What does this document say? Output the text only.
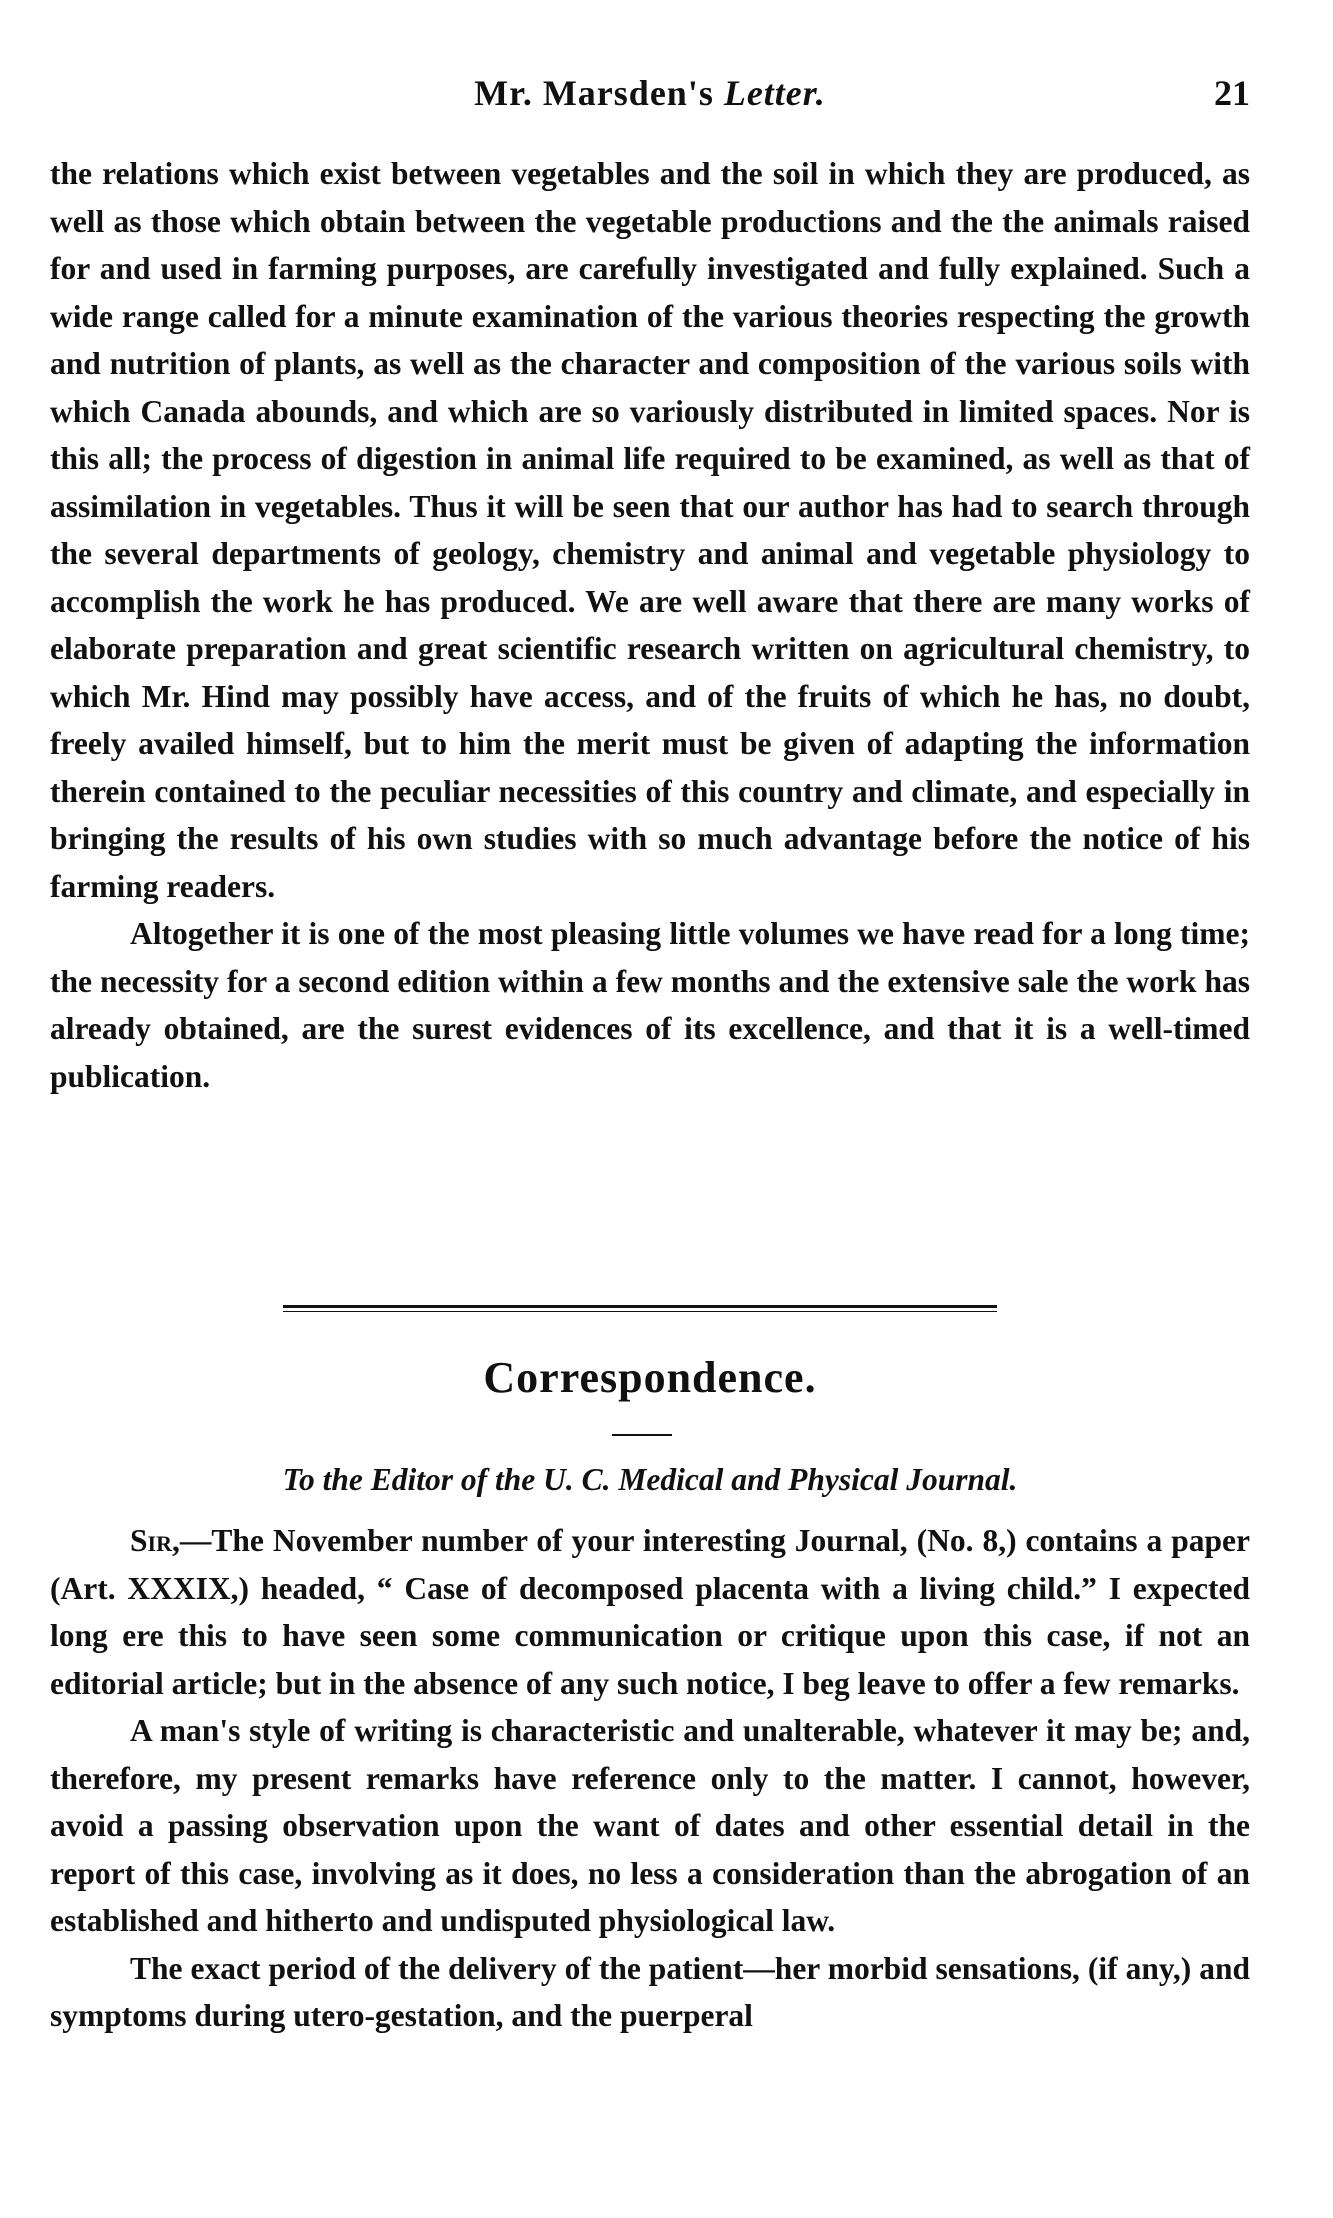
Mr. Marsden's Letter.	21

the relations which exist between vegetables and the soil in which they are produced, as well as those which obtain between the vegetable productions and the the animals raised for and used in farming purposes, are carefully investigated and fully explained. Such a wide range called for a minute examination of the various theories respecting the growth and nutrition of plants, as well as the character and composition of the various soils with which Canada abounds, and which are so variously distributed in limited spaces. Nor is this all; the process of digestion in animal life required to be examined, as well as that of assimilation in vegetables. Thus it will be seen that our author has had to search through the several departments of geology, chemistry and animal and vegetable physiology to accomplish the work he has produced. We are well aware that there are many works of elaborate preparation and great scientific research written on agricultural chemistry, to which Mr. Hind may possibly have access, and of the fruits of which he has, no doubt, freely availed himself, but to him the merit must be given of adapting the information therein contained to the peculiar necessities of this country and climate, and especially in bringing the results of his own studies with so much advantage before the notice of his farming readers.

Altogether it is one of the most pleasing little volumes we have read for a long time; the necessity for a second edition within a few months and the extensive sale the work has already obtained, are the surest evidences of its excellence, and that it is a well-timed publication.

Correspondence.
To the Editor of the U. C. Medical and Physical Journal.

Sir,—The November number of your interesting Journal, (No. 8,) contains a paper (Art. XXXIX,) headed, “ Case of decomposed placenta with a living child.” I expected long ere this to have seen some communication or critique upon this case, if not an editorial article; but in the absence of any such notice, I beg leave to offer a few remarks.

A man's style of writing is characteristic and unalterable, whatever it may be; and, therefore, my present remarks have reference only to the matter. I cannot, however, avoid a passing observation upon the want of dates and other essential detail in the report of this case, involving as it does, no less a consideration than the abrogation of an established and hitherto and undisputed physiological law.

The exact period of the delivery of the patient—her morbid sensations, (if any,) and symptoms during utero-gestation, and the puerperal
